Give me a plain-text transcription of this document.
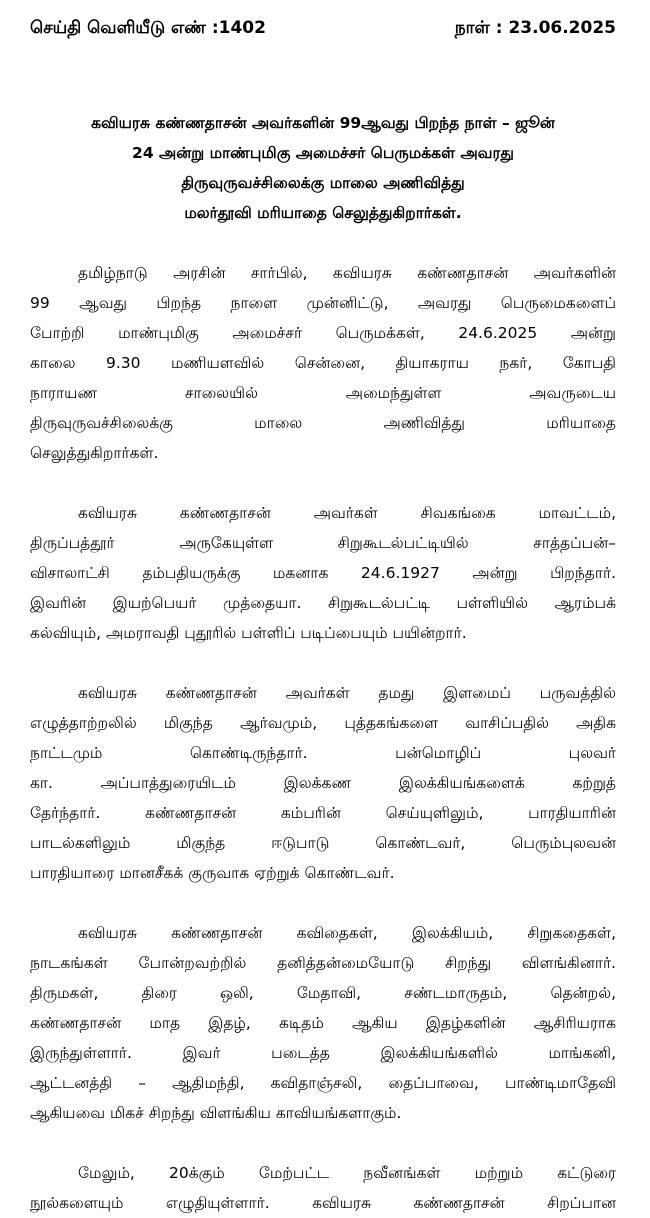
செய்தி வெளியீடு எண் :1402	நாள் : 23.06.2025
கவியரசு கண்ணதாசன் அவர்களின் 99ஆவது பிறந்த நாள் – ஜூன்
24 அன்று மாண்புமிகு அமைச்சர் பெருமக்கள் அவரது
திருவுருவச்சிலைக்கு மாலை அணிவித்து
மலர்தூவி மரியாதை செலுத்துகிறார்கள்.
தமிழ்நாடு அரசின் சார்பில், கவியரசு கண்ணதாசன் அவர்களின்
99 ஆவது பிறந்த நாளை முன்னிட்டு, அவரது பெருமைகளைப்
போற்றி மாண்புமிகு அமைச்சர் பெருமக்கள், 24.6.2025 அன்று
காலை 9.30 மணியளவில் சென்னை, தியாகராய நகர், கோபதி
நாராயண சாலையில் அமைந்துள்ள அவருடைய
திருவுருவச்சிலைக்கு மாலை அணிவித்து மரியாதை
செலுத்துகிறார்கள்.
கவியரசு கண்ணதாசன் அவர்கள் சிவகங்கை மாவட்டம்,
திருப்பத்தூர் அருகேயுள்ள சிறுகூடல்பட்டியில் சாத்தப்பன்–
விசாலாட்சி தம்பதியருக்கு மகனாக 24.6.1927 அன்று பிறந்தார்.
இவரின் இயற்பெயர் முத்தையா. சிறுகூடல்பட்டி பள்ளியில் ஆரம்பக்
கல்வியும், அமராவதி புதூரில் பள்ளிப் படிப்பையும் பயின்றார்.
கவியரசு கண்ணதாசன் அவர்கள் தமது இளமைப் பருவத்தில்
எழுத்தாற்றலில் மிகுந்த ஆர்வமும், புத்தகங்களை வாசிப்பதில் அதிக
நாட்டமும் கொண்டிருந்தார். பன்மொழிப் புலவர்
கா. அப்பாத்துரையிடம் இலக்கண இலக்கியங்களைக் கற்றுத்
தேர்ந்தார். கண்ணதாசன் கம்பரின் செய்யுளிலும், பாரதியாரின்
பாடல்களிலும் மிகுந்த ஈடுபாடு கொண்டவர், பெரும்புலவன்
பாரதியாரை மானசீகக் குருவாக ஏற்றுக் கொண்டவர்.
கவியரசு கண்ணதாசன் கவிதைகள், இலக்கியம், சிறுகதைகள்,
நாடகங்கள் போன்றவற்றில் தனித்தன்மையோடு சிறந்து விளங்கினார்.
திருமகள், திரை ஒலி, மேதாவி, சண்டமாருதம், தென்றல்,
கண்ணதாசன் மாத இதழ், கடிதம் ஆகிய இதழ்களின் ஆசிரியராக
இருந்துள்ளார். இவர் படைத்த இலக்கியங்களில் மாங்கனி,
ஆட்டனத்தி – ஆதிமந்தி, கவிதாஞ்சலி, தைப்பாவை, பாண்டிமாதேவி
ஆகியவை மிகச் சிறந்து விளங்கிய காவியங்களாகும்.
மேலும், 20க்கும் மேற்பட்ட நவீனங்கள் மற்றும் கட்டுரை
நூல்களையும் எழுதியுள்ளார். கவியரசு கண்ணதாசன் சிறப்பான
